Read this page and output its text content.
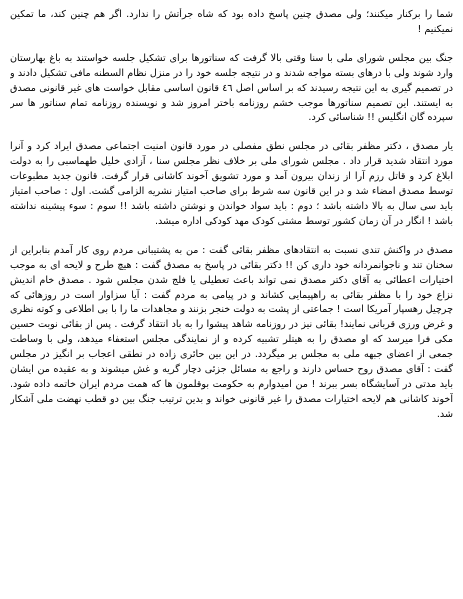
شما را برکنار میکنند؛ ولی مصدق چنین پاسخ داده بود که شاه جرأتش را ندارد. اگر هم چنین کند، ما تمکین نمیکنیم !

جنگ بین مجلس شورای ملی با سنا وقتی بالا گرفت که سناتورها برای تشکیل جلسه خواستند به باغ بهارستان وارد شوند ولی با درهای بسته مواجه شدند و در نتیجه جلسه خود را در منزل نظام السطنه مافی تشکیل دادند و در تصمیم گیری به این نتیجه رسیدند که بر اساس اصل ٤٦ قانون اساسی مقابل خواست های غیر قانونی مصدق به ایستند. این تصمیم سناتورها موجب خشم روزنامه باختر امروز شد و نویسنده روزنامه تمام سناتور ها سر سپرده گان انگلیس !! شناسائی کرد.

یار مصدق ، دکتر مظفر بقائی در مجلس نطق مفصلی در مورد قانون امنیت اجتماعی مصدق ایراد کرد و آنرا مورد انتقاد شدید قرار داد . مجلس شورای ملی بر خلاف نظر مجلس سنا ، آزادی خلیل طهماسبی را به دولت ابلاغ کرد و قاتل رزم آرا از زندان بیرون آمد و مورد تشویق آخوند کاشانی قرار گرفت. قانون جدید مطبوعات توسط مصدق امضاء شد و در این قانون سه شرط برای صاحب امتیاز نشریه الزامی گشت. اول : صاحب امتیاز باید سی سال به بالا داشته باشد ؛ دوم : باید سواد خواندن و نوشتن داشته باشد !! سوم : سوء پیشینه نداشته باشد ! انگار در آن زمان کشور توسط مشتی کودک مهد کودکی اداره میشد.

مصدق در واکنش تندی نسبت به انتقادهای مظفر بقائی گفت : من به پشتیبانی مردم روی کار آمدم بنابراین از سخنان تند و ناجوانمردانه خود داری کن !! دکتر بقائی در پاسخ به مصدق گفت : هیچ طرح و لایحه ای به موجب اختیارات اعطائی به آقای دکتر مصدق نمی تواند باعث تعطیلی یا فلج شدن مجلس شود . مصدق خام اندیش نزاع خود را با مظفر بقائی به راهپیمایی کشاند و در پیامی به مردم گفت : آیا سزاوار است در روزهائی که چرچیل رهسپار آمریکا است ! جماعتی از پشت به دولت خنجر بزنند و مجاهدات ما را با بی اطلاعی و کوته نظری و غرض ورزی قربانی نمایند! بقائی نیز در روزنامه شاهد پیشوا را به باد انتقاد گرفت . پس از بقائی نوبت حسین مکی فرا میرسد که او مصدق را به هیتلر تشبیه کرده و از نمایندگی مجلس استعفاء میدهد، ولی با وساطت جمعی از اعضای جبهه ملی به مجلس بر میگردد. در این بین حائری زاده در نطقی اعجاب بر انگیز در مجلس گفت : آقای مصدق روح حساس دارند و راجع به مسائل جزئی دچار گریه و غش میشوند و به عقیده من ایشان باید مدتی در آسایشگاه بسر ببرند ! من امیدوارم به حکومت بوقلمون ها که همت مردم ایران خاتمه داده شود. آخوند کاشانی هم لایحه اختیارات مصدق را غیر قانونی خواند و بدین ترتیب جنگ بین دو قطب نهضت ملی آشکار شد.
